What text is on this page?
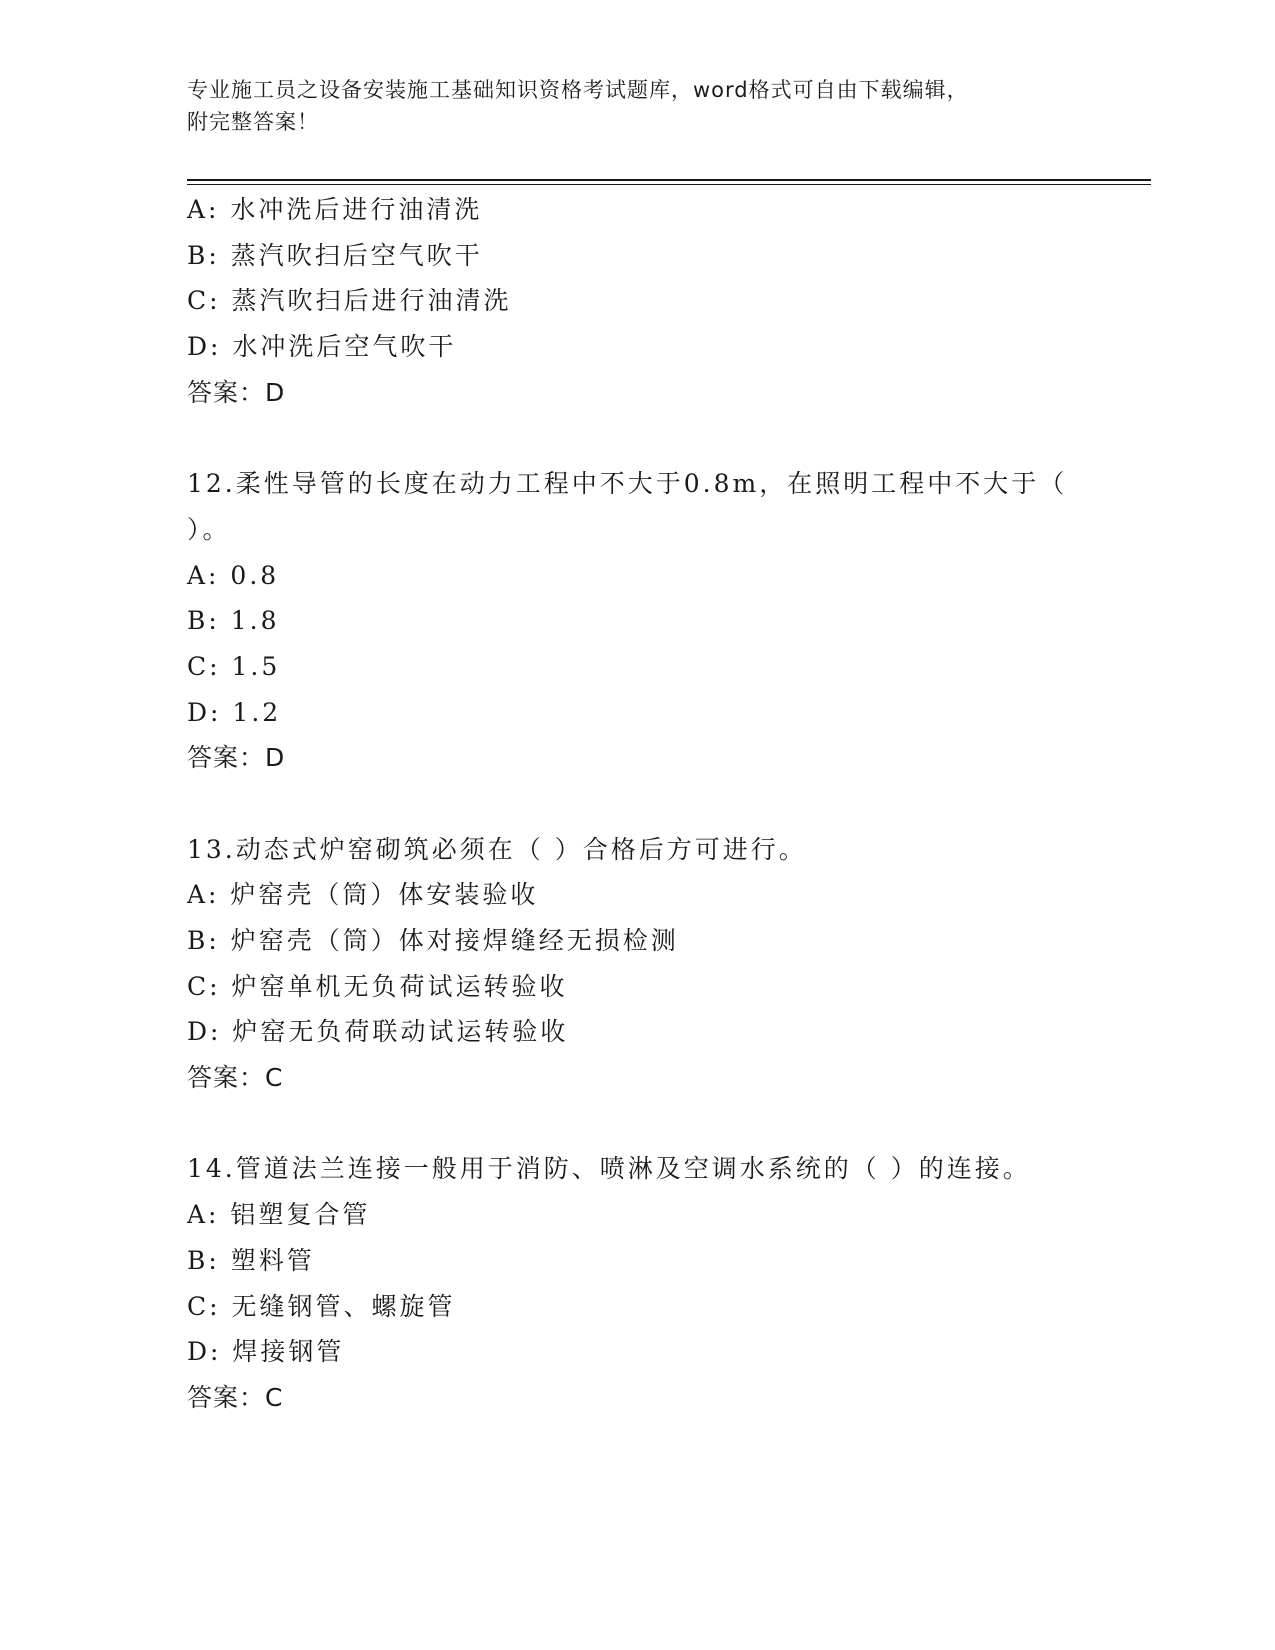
专业施工员之设备安装施工基础知识资格考试题库，word格式可自由下载编辑，
附完整答案！
A: 水冲洗后进行油清洗
B: 蒸汽吹扫后空气吹干
C: 蒸汽吹扫后进行油清洗
D: 水冲洗后空气吹干
答案：D
12.柔性导管的长度在动力工程中不大于0.8m，在照明工程中不大于（
）。
A: 0.8
B: 1.8
C: 1.5
D: 1.2
答案：D
13.动态式炉窑砌筑必须在（ ）合格后方可进行。
A: 炉窑壳（筒）体安装验收
B: 炉窑壳（筒）体对接焊缝经无损检测
C: 炉窑单机无负荷试运转验收
D: 炉窑无负荷联动试运转验收
答案：C
14.管道法兰连接一般用于消防、喷淋及空调水系统的（ ）的连接。
A: 铝塑复合管
B: 塑料管
C: 无缝钢管、螺旋管
D: 焊接钢管
答案：C
